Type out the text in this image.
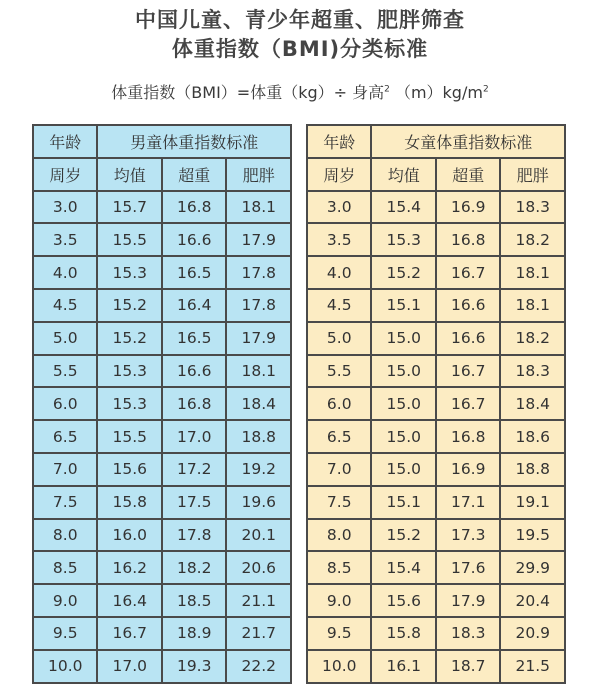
中国儿童、青少年超重、肥胖筛查
体重指数（BMI)分类标准
体重指数（BMI）=体重（kg）÷ 身高$^2$ $(m)kg/m^2$
年龄	男童体重指数标准		
周岁	均值	超重	肥胖
3.0	15.7	16.8	18.1
3.5	15.5	16.6	17.9
4.0	15.3	16.5	17.8
4.5	15.2	16.4	17.8
5.0	15.2	16.5	17.9
5.5	15.3	16.6	18.1
6.0	15.3	16.8	18.4
6.5	15.5	17.0	18.8
7.0	15.6	17.2	19.2
7.5	15.8	17.5	19.6
8.0	16.0	17.8	20.1
8.5	16.2	18.2	20.6
9.0	16.4	18.5	21.1
9.5	16.7	18.9	21.7
10.0	17.0	19.3	22.2
年龄	女童体重指数标准		
周岁	均值	超重	肥胖
3.0	15.4	16.9	18.3
3.5	15.3	16.8	18.2
4.0	15.2	16.7	18.1
4.5	15.1	16.6	18.1
5.0	15.0	16.6	18.2
5.5	15.0	16.7	18.3
6.0	15.0	16.7	18.4
6.5	15.0	16.8	18.6
7.0	15.0	16.9	18.8
7.5	15.1	17.1	19.1
8.0	15.2	17.3	19.5
8.5	15.4	17.6	29.9
9.0	15.6	17.9	20.4
9.5	15.8	18.3	20.9
10.0	16.1	18.7	21.5
